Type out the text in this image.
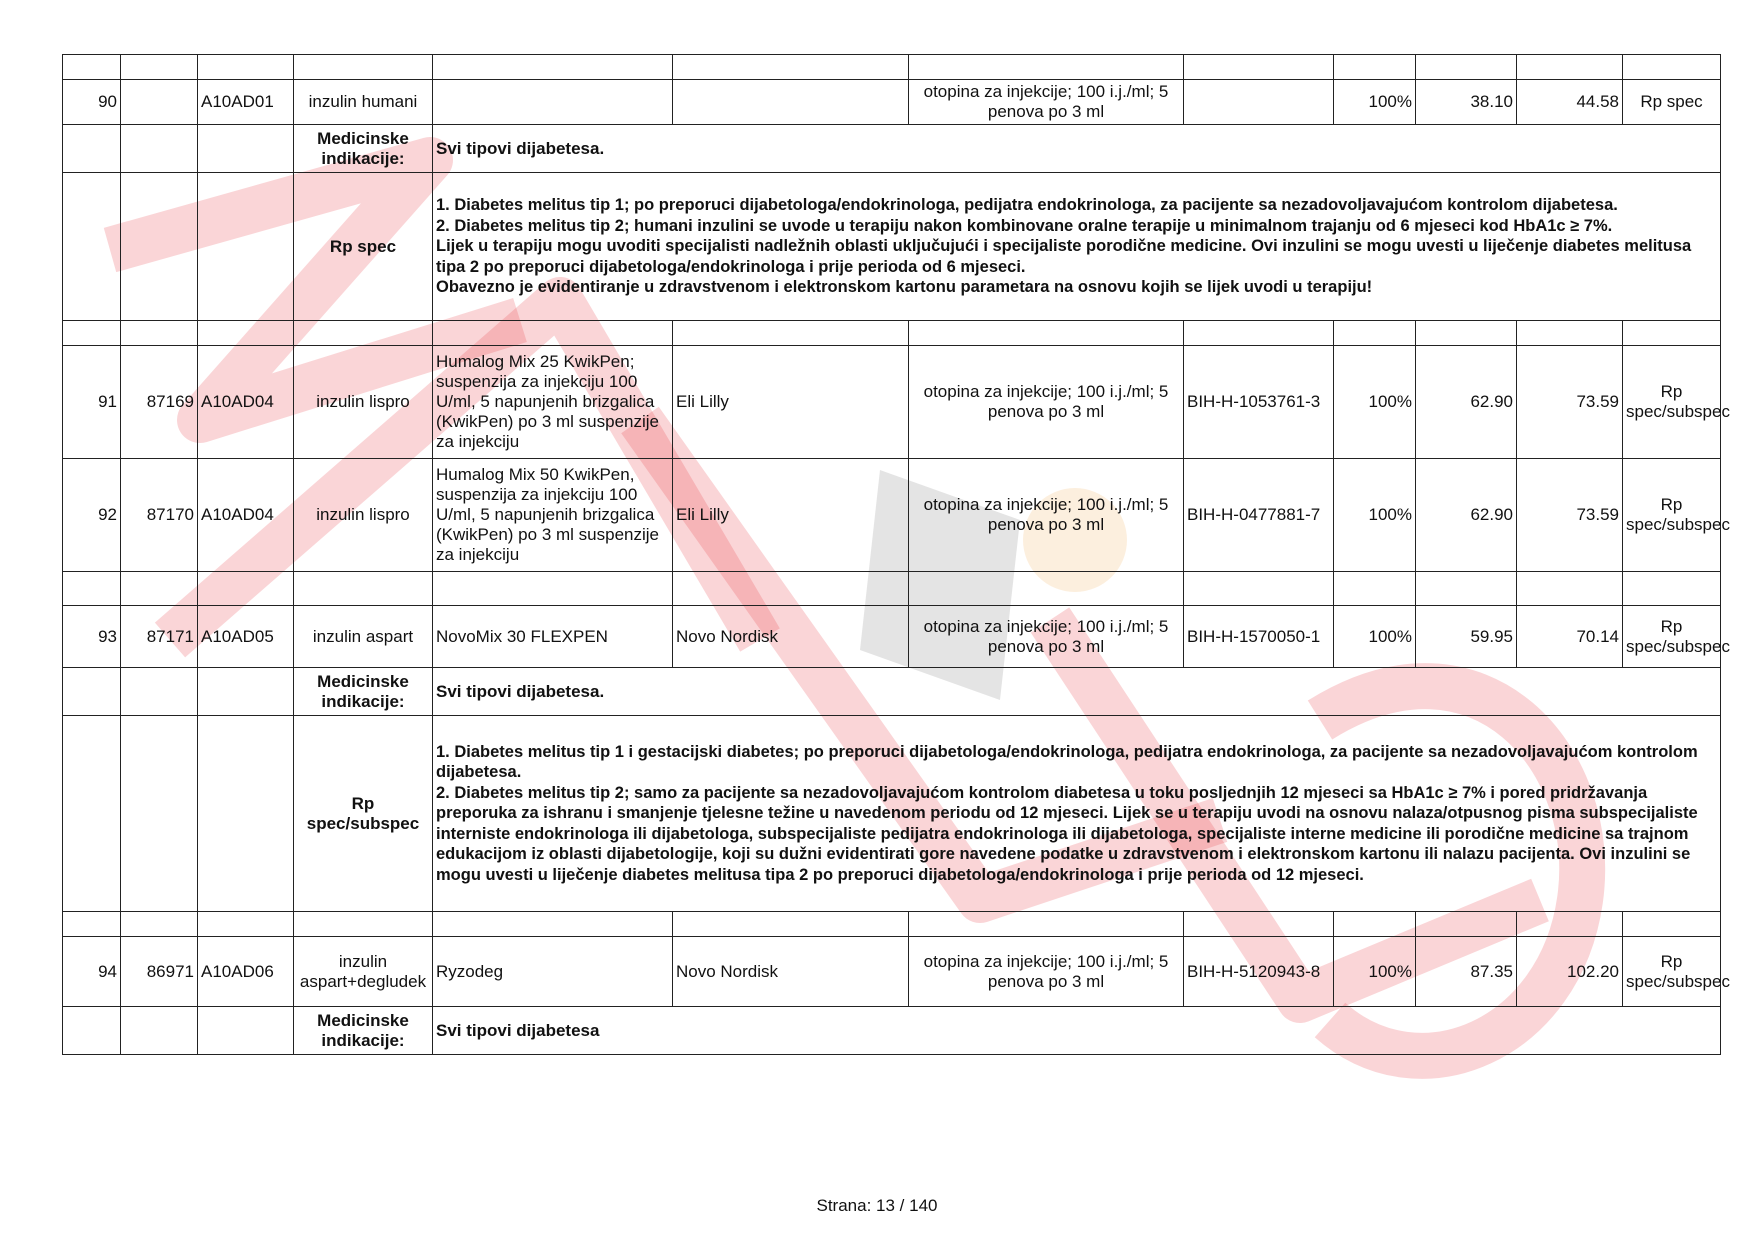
90		A10AD01	inzulin humani			otopina za injekcije; 100 i.j./ml; 5 penova po 3 ml		100%	38.10	44.58	Rp spec
			Medicinske indikacije:	Svi tipovi dijabetesa.							
			Rp spec	1. Diabetes melitus tip 1; po preporuci dijabetologa/endokrinologa, pedijatra endokrinologa, za pacijente sa nezadovoljavajućom kontrolom dijabetesa.
2. Diabetes melitus tip 2; humani inzulini se uvode u terapiju nakon kombinovane oralne terapije u minimalnom trajanju od 6 mjeseci kod HbA1c ≥ 7%.
Lijek u terapiju mogu uvoditi specijalisti nadležnih oblasti uključujući i specijaliste porodične medicine. Ovi inzulini se mogu uvesti u liječenje diabetes melitusa tipa 2 po preporuci dijabetologa/endokrinologa i prije perioda od 6 mjeseci.
Obavezno je evidentiranje u zdravstvenom i elektronskom kartonu parametara na osnovu kojih se lijek uvodi u terapiju!							

91	87169	A10AD04	inzulin lispro	Humalog Mix 25 KwikPen; suspenzija za injekciju 100 U/ml, 5 napunjenih brizgalica (KwikPen) po 3 ml suspenzije za injekciju	Eli Lilly	otopina za injekcije; 100 i.j./ml; 5 penova po 3 ml	BIH-H-1053761-3	100%	62.90	73.59	Rp spec/subspec
92	87170	A10AD04	inzulin lispro	Humalog Mix 50 KwikPen, suspenzija za injekciju 100 U/ml, 5 napunjenih brizgalica (KwikPen) po 3 ml suspenzije za injekciju	Eli Lilly	otopina za injekcije; 100 i.j./ml; 5 penova po 3 ml	BIH-H-0477881-7	100%	62.90	73.59	Rp spec/subspec

93	87171	A10AD05	inzulin aspart	NovoMix 30 FLEXPEN	Novo Nordisk	otopina za injekcije; 100 i.j./ml; 5 penova po 3 ml	BIH-H-1570050-1	100%	59.95	70.14	Rp spec/subspec
			Medicinske indikacije:	Svi tipovi dijabetesa.							
			Rp spec/subspec	1. Diabetes melitus tip 1 i gestacijski diabetes; po preporuci dijabetologa/endokrinologa, pedijatra endokrinologa, za pacijente sa nezadovoljavajućom kontrolom dijabetesa.
2. Diabetes melitus tip 2; samo za pacijente sa nezadovoljavajućom kontrolom diabetesa u toku posljednjih 12 mjeseci sa HbA1c ≥ 7% i pored pridržavanja preporuka za ishranu i smanjenje tjelesne težine u navedenom periodu od 12 mjeseci. Lijek se u terapiju uvodi na osnovu nalaza/otpusnog pisma subspecijaliste interniste endokrinologa ili dijabetologa, subspecijaliste pedijatra endokrinologa ili dijabetologa, specijaliste interne medicine ili porodične medicine sa trajnom edukacijom iz oblasti dijabetologije, koji su dužni evidentirati gore navedene podatke u zdravstvenom i elektronskom kartonu ili nalazu pacijenta. Ovi inzulini se mogu uvesti u liječenje diabetes melitusa tipa 2 po preporuci dijabetologa/endokrinologa i prije perioda od 12 mjeseci.							

94	86971	A10AD06	inzulin aspart+degludek	Ryzodeg	Novo Nordisk	otopina za injekcije; 100 i.j./ml; 5 penova po 3 ml	BIH-H-5120943-8	100%	87.35	102.20	Rp spec/subspec
			Medicinske indikacije:	Svi tipovi dijabetesa							
Strana: 13 / 140
